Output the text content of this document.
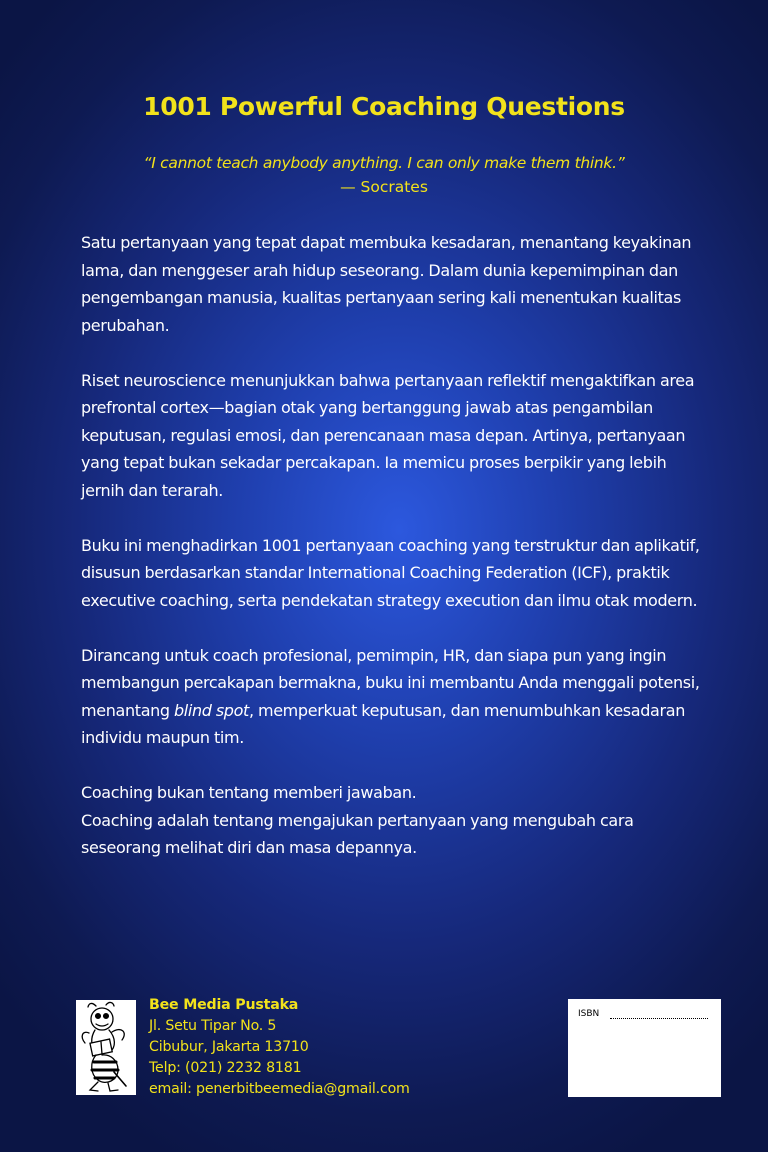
1001 Powerful Coaching Questions
“I cannot teach anybody anything. I can only make them think.”
— Socrates

Satu pertanyaan yang tepat dapat membuka kesadaran, menantang keyakinan lama, dan menggeser arah hidup seseorang. Dalam dunia kepemimpinan dan pengembangan manusia, kualitas pertanyaan sering kali menentukan kualitas perubahan.

Riset neuroscience menunjukkan bahwa pertanyaan reflektif mengaktifkan area prefrontal cortex—bagian otak yang bertanggung jawab atas pengambilan keputusan, regulasi emosi, dan perencanaan masa depan. Artinya, pertanyaan yang tepat bukan sekadar percakapan. Ia memicu proses berpikir yang lebih jernih dan terarah.

Buku ini menghadirkan 1001 pertanyaan coaching yang terstruktur dan aplikatif, disusun berdasarkan standar International Coaching Federation (ICF), praktik executive coaching, serta pendekatan strategy execution dan ilmu otak modern.

Dirancang untuk coach profesional, pemimpin, HR, dan siapa pun yang ingin membangun percakapan bermakna, buku ini membantu Anda menggali potensi, menantang blind spot, memperkuat keputusan, dan menumbuhkan kesadaran individu maupun tim.

Coaching bukan tentang memberi jawaban.
Coaching adalah tentang mengajukan pertanyaan yang mengubah cara seseorang melihat diri dan masa depannya.

Bee Media Pustaka
Jl. Setu Tipar No. 5
Cibubur, Jakarta 13710
Telp: (021) 2232 8181
email: penerbitbeemedia@gmail.com
ISBN
